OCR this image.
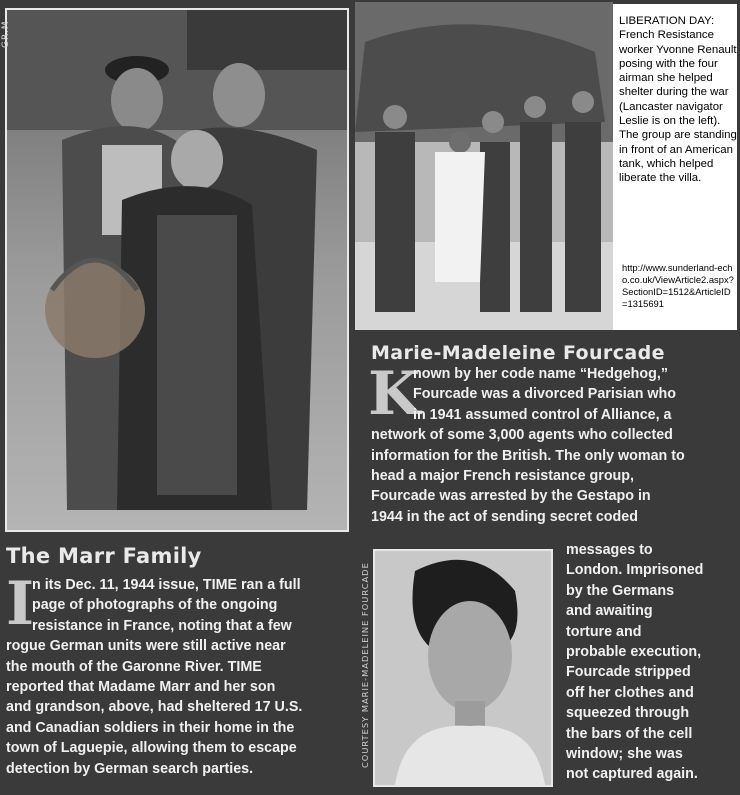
GR.M	LIBERATION DAY: French Resistance worker Yvonne Renault posing with the four airman she helped shelter during the war (Lancaster navigator Leslie is on the left). The group are standing in front of an American tank, which helped liberate the villa.
http://www.sunderland-echo.co.uk/ViewArticle2.aspx?SectionID=1512&ArticleID=1315691
Marie-Madeleine Fourcade
K
nown by her code name “Hedgehog,”
Fourcade was a divorced Parisian who
in 1941 assumed control of Alliance, a
network of some 3,000 agents who collected
information for the British. The only woman to
head a major French resistance group,
Fourcade was arrested by the Gestapo in
1944 in the act of sending secret coded
COURTESY MARIE-MADELEINE FOURCADE
messages to
London. Imprisoned
by the Germans
and awaiting
torture and
probable execution,
Fourcade stripped
off her clothes and
squeezed through
the bars of the cell
window; she was
not captured again.
The Marr Family
I
n its Dec. 11, 1944 issue, TIME ran a full
page of photographs of the ongoing
resistance in France, noting that a few
rogue German units were still active near
the mouth of the Garonne River. TIME
reported that Madame Marr and her son
and grandson, above, had sheltered 17 U.S.
and Canadian soldiers in their home in the
town of Laguepie, allowing them to escape
detection by German search parties.
